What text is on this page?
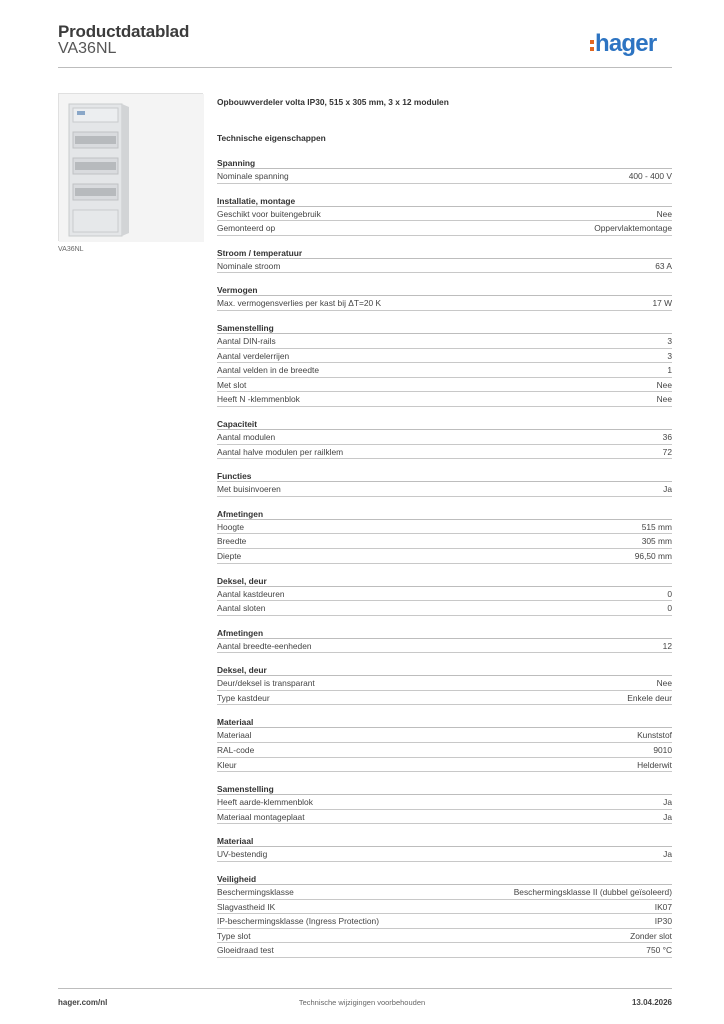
Productdatablad
VA36NL	hager
VA36NL
Opbouwverdeler volta IP30, 515 x 305 mm, 3 x 12 modulen
Technische eigenschappen
Spanning
Nominale spanning	400 - 400 V
Installatie, montage
Geschikt voor buitengebruik	Nee
Gemonteerd op	Oppervlaktemontage
Stroom / temperatuur
Nominale stroom	63 A
Vermogen
Max. vermogensverlies per kast bij ΔT=20 K	17 W
Samenstelling
Aantal DIN-rails	3
Aantal verdelerrijen	3
Aantal velden in de breedte	1
Met slot	Nee
Heeft N -klemmenblok	Nee
Capaciteit
Aantal modulen	36
Aantal halve modulen per railklem	72
Functies
Met buisinvoeren	Ja
Afmetingen
Hoogte	515 mm
Breedte	305 mm
Diepte	96,50 mm
Deksel, deur
Aantal kastdeuren	0
Aantal sloten	0
Afmetingen
Aantal breedte-eenheden	12
Deksel, deur
Deur/deksel is transparant	Nee
Type kastdeur	Enkele deur
Materiaal
Materiaal	Kunststof
RAL-code	9010
Kleur	Helderwit
Samenstelling
Heeft aarde-klemmenblok	Ja
Materiaal montageplaat	Ja
Materiaal
UV-bestendig	Ja
Veiligheid
Beschermingsklasse	Beschermingsklasse II (dubbel geïsoleerd)
Slagvastheid IK	IK07
IP-beschermingsklasse (Ingress Protection)	IP30
Type slot	Zonder slot
Gloeidraad test	750 °C
hager.com/nl	Technische wijzigingen voorbehouden	13.04.2026
